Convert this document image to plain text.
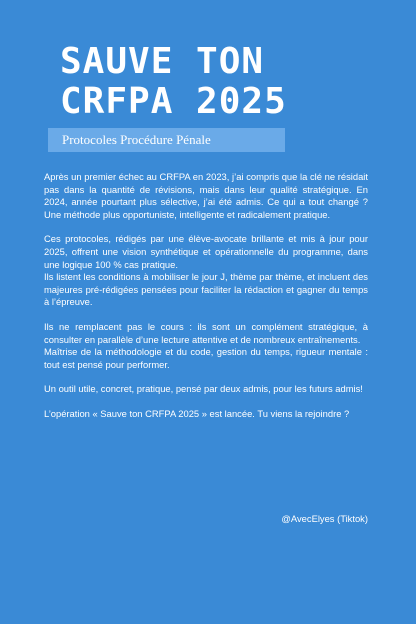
SAUVE TON
CRFPA 2025
Protocoles Procédure Pénale

Après un premier échec au CRFPA en 2023, j’ai compris que la clé ne résidait pas dans la quantité de révisions, mais dans leur qualité stratégique. En 2024, année pourtant plus sélective, j’ai été admis. Ce qui a tout changé ? Une méthode plus opportuniste, intelligente et radicalement pratique.

Ces protocoles, rédigés par une élève-avocate brillante et mis à jour pour 2025, offrent une vision synthétique et opérationnelle du programme, dans une logique 100 % cas pratique.

Ils listent les conditions à mobiliser le jour J, thème par thème, et incluent des majeures pré-rédigées pensées pour faciliter la rédaction et gagner du temps à l’épreuve.

Ils ne remplacent pas le cours : ils sont un complément stratégique, à consulter en parallèle d’une lecture attentive et de nombreux entraînements.

Maîtrise de la méthodologie et du code, gestion du temps, rigueur mentale : tout est pensé pour performer.

Un outil utile, concret, pratique, pensé par deux admis, pour les futurs admis!

L’opération « Sauve ton CRFPA 2025 » est lancée. Tu viens la rejoindre ?

@AvecElyes (Tiktok)
